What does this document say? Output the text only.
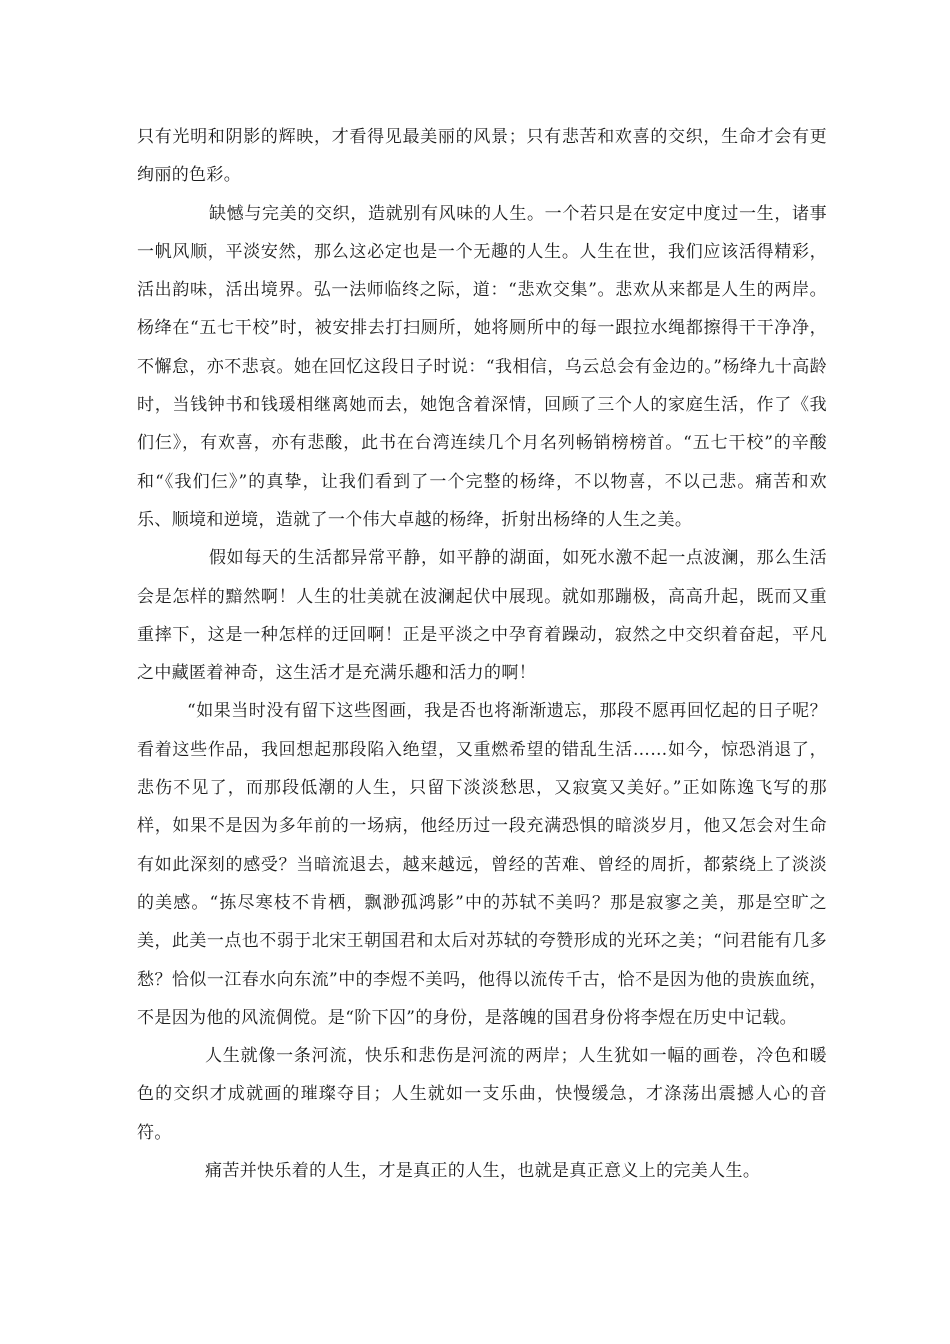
只有光明和阴影的辉映，才看得见最美丽的风景；只有悲苦和欢喜的交织，生命才会有更绚丽的色彩。

缺憾与完美的交织，造就别有风味的人生。一个若只是在安定中度过一生，诸事一帆风顺，平淡安然，那么这必定也是一个无趣的人生。人生在世，我们应该活得精彩，活出韵味，活出境界。弘一法师临终之际，道：“悲欢交集”。悲欢从来都是人生的两岸。杨绛在“五七干校”时，被安排去打扫厕所，她将厕所中的每一跟拉水绳都擦得干干净净，不懈怠，亦不悲哀。她在回忆这段日子时说：“我相信，乌云总会有金边的。”杨绛九十高龄时，当钱钟书和钱瑗相继离她而去，她饱含着深情，回顾了三个人的家庭生活，作了《我们仨》，有欢喜，亦有悲酸，此书在台湾连续几个月名列畅销榜榜首。“五七干校”的辛酸和“《我们仨》”的真挚，让我们看到了一个完整的杨绛，不以物喜，不以己悲。痛苦和欢乐、顺境和逆境，造就了一个伟大卓越的杨绛，折射出杨绛的人生之美。

假如每天的生活都异常平静，如平静的湖面，如死水激不起一点波澜，那么生活会是怎样的黯然啊！人生的壮美就在波澜起伏中展现。就如那蹦极，高高升起，既而又重重摔下，这是一种怎样的迂回啊！正是平淡之中孕育着躁动，寂然之中交织着奋起，平凡之中藏匿着神奇，这生活才是充满乐趣和活力的啊！

“如果当时没有留下这些图画，我是否也将渐渐遗忘，那段不愿再回忆起的日子呢？看着这些作品，我回想起那段陷入绝望，又重燃希望的错乱生活……如今，惊恐消退了，悲伤不见了，而那段低潮的人生，只留下淡淡愁思，又寂寞又美好。”正如陈逸飞写的那样，如果不是因为多年前的一场病，他经历过一段充满恐惧的暗淡岁月，他又怎会对生命有如此深刻的感受？当暗流退去，越来越远，曾经的苦难、曾经的周折，都萦绕上了淡淡的美感。“拣尽寒枝不肯栖，飘渺孤鸿影”中的苏轼不美吗？那是寂寥之美，那是空旷之美，此美一点也不弱于北宋王朝国君和太后对苏轼的夸赞形成的光环之美；“问君能有几多愁？恰似一江春水向东流”中的李煜不美吗，他得以流传千古，恰不是因为他的贵族血统，不是因为他的风流倜傥。是“阶下囚”的身份，是落魄的国君身份将李煜在历史中记载。

人生就像一条河流，快乐和悲伤是河流的两岸；人生犹如一幅的画卷，冷色和暖色的交织才成就画的璀璨夺目；人生就如一支乐曲，快慢缓急，才涤荡出震撼人心的音符。

痛苦并快乐着的人生，才是真正的人生，也就是真正意义上的完美人生。
